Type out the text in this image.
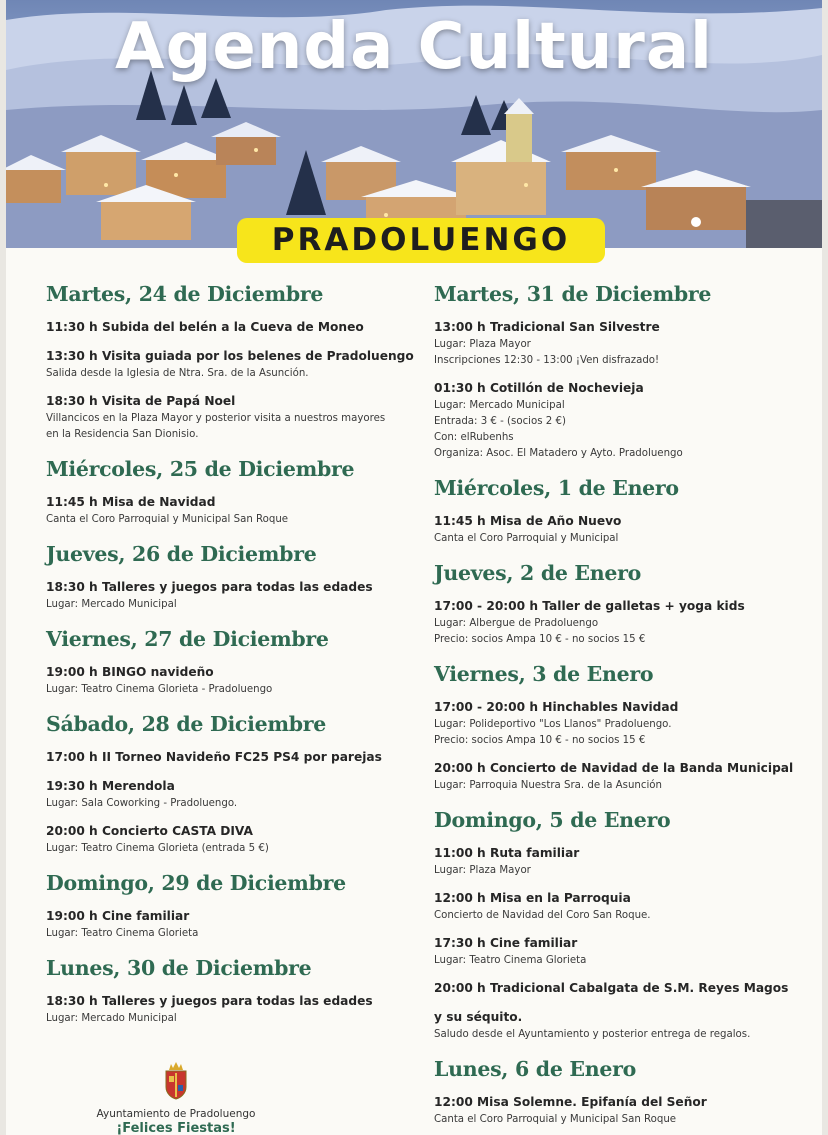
Agenda Cultural
PRADOLUENGO
Martes, 24 de Diciembre
11:30 h Subida del belén a la Cueva de Moneo
13:30 h Visita guiada por los belenes de Pradoluengo
Salida desde la Iglesia de Ntra. Sra. de la Asunción.
18:30 h Visita de Papá Noel
Villancicos en la Plaza Mayor y posterior visita a nuestros mayores
en la Residencia San Dionisio.
Miércoles, 25 de Diciembre
11:45 h Misa de Navidad
Canta el Coro Parroquial y Municipal San Roque
Jueves, 26 de Diciembre
18:30 h Talleres y juegos para todas las edades
Lugar: Mercado Municipal
Viernes, 27 de Diciembre
19:00 h BINGO navideño
Lugar: Teatro Cinema Glorieta - Pradoluengo
Sábado, 28 de Diciembre
17:00 h II Torneo Navideño FC25 PS4 por parejas
19:30 h Merendola
Lugar: Sala Coworking - Pradoluengo.
20:00 h Concierto CASTA DIVA
Lugar: Teatro Cinema Glorieta (entrada 5 €)
Domingo, 29 de Diciembre
19:00 h Cine familiar
Lugar: Teatro Cinema Glorieta
Lunes, 30 de Diciembre
18:30 h Talleres y juegos para todas las edades
Lugar: Mercado Municipal
Martes, 31 de Diciembre
13:00 h Tradicional San Silvestre
Lugar: Plaza Mayor
Inscripciones 12:30 - 13:00 ¡Ven disfrazado!
01:30 h Cotillón de Nochevieja
Lugar: Mercado Municipal
Entrada: 3 € - (socios 2 €)
Con: elRubenhs
Organiza: Asoc. El Matadero y Ayto. Pradoluengo
Miércoles, 1 de Enero
11:45 h Misa de Año Nuevo
Canta el Coro Parroquial y Municipal
Jueves, 2 de Enero
17:00 - 20:00 h Taller de galletas + yoga kids
Lugar: Albergue de Pradoluengo
Precio: socios Ampa 10 € - no socios 15 €
Viernes, 3 de Enero
17:00 - 20:00 h Hinchables Navidad
Lugar: Polideportivo "Los Llanos" Pradoluengo.
Precio: socios Ampa 10 € - no socios 15 €
20:00 h Concierto de Navidad de la Banda Municipal
Lugar: Parroquia Nuestra Sra. de la Asunción
Domingo, 5 de Enero
11:00 h Ruta familiar
Lugar: Plaza Mayor
12:00 h Misa en la Parroquia
Concierto de Navidad del Coro San Roque.
17:30 h Cine familiar
Lugar: Teatro Cinema Glorieta
20:00 h Tradicional Cabalgata de S.M. Reyes Magos
y su séquito.
Saludo desde el Ayuntamiento y posterior entrega de regalos.
Lunes, 6 de Enero
12:00 Misa Solemne. Epifanía del Señor
Canta el Coro Parroquial y Municipal San Roque
Ayuntamiento de Pradoluengo
¡Felices Fiestas!
